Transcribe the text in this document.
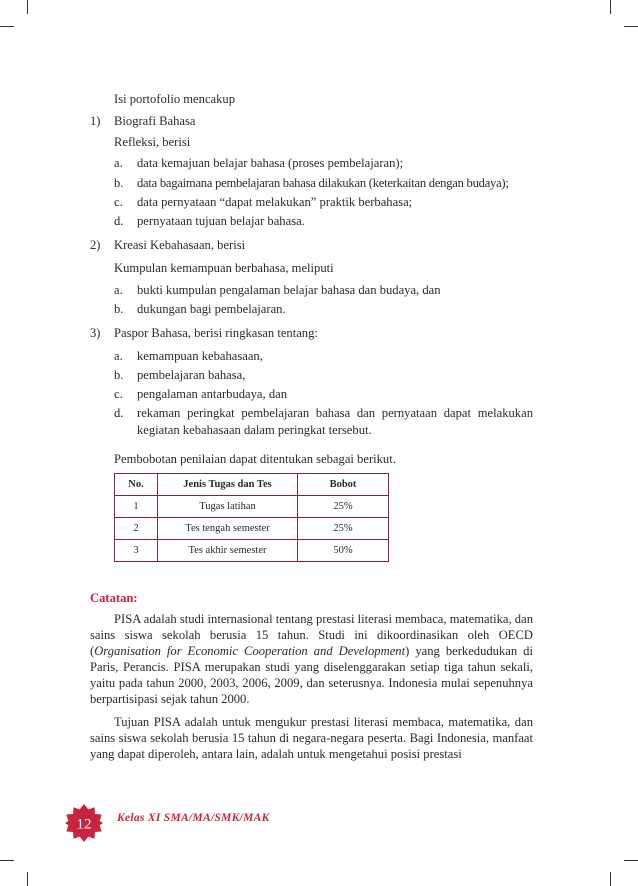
Isi portofolio mencakup
1) Biografi Bahasa
Refleksi, berisi
a. data kemajuan belajar bahasa (proses pembelajaran);
b. data bagaimana pembelajaran bahasa dilakukan (keterkaitan dengan budaya);
c. data pernyataan “dapat melakukan” praktik berbahasa;
d. pernyataan tujuan belajar bahasa.
2) Kreasi Kebahasaan, berisi
Kumpulan kemampuan berbahasa, meliputi
a. bukti kumpulan pengalaman belajar bahasa dan budaya, dan
b. dukungan bagi pembelajaran.
3) Paspor Bahasa, berisi ringkasan tentang:
a. kemampuan kebahasaan,
b. pembelajaran bahasa,
c. pengalaman antarbudaya, dan
d. rekaman peringkat pembelajaran bahasa dan pernyataan dapat melakukan kegiatan kebahasaan dalam peringkat tersebut.
Pembobotan penilaian dapat ditentukan sebagai berikut.
No.	Jenis Tugas dan Tes	Bobot
1	Tugas latihan	25%
2	Tes tengah semester	25%
3	Tes akhir semester	50%
Catatan:
PISA adalah studi internasional tentang prestasi literasi membaca, matematika, dan sains siswa sekolah berusia 15 tahun. Studi ini dikoordinasikan oleh OECD (Organisation for Economic Cooperation and Development) yang berkedudukan di Paris, Perancis. PISA merupakan studi yang diselenggarakan setiap tiga tahun sekali, yaitu pada tahun 2000, 2003, 2006, 2009, dan seterusnya. Indonesia mulai sepenuhnya berpartisipasi sejak tahun 2000.
Tujuan PISA adalah untuk mengukur prestasi literasi membaca, matematika, dan sains siswa sekolah berusia 15 tahun di negara-negara peserta. Bagi Indonesia, manfaat yang dapat diperoleh, antara lain, adalah untuk mengetahui posisi prestasi
12 Kelas XI SMA/MA/SMK/MAK
